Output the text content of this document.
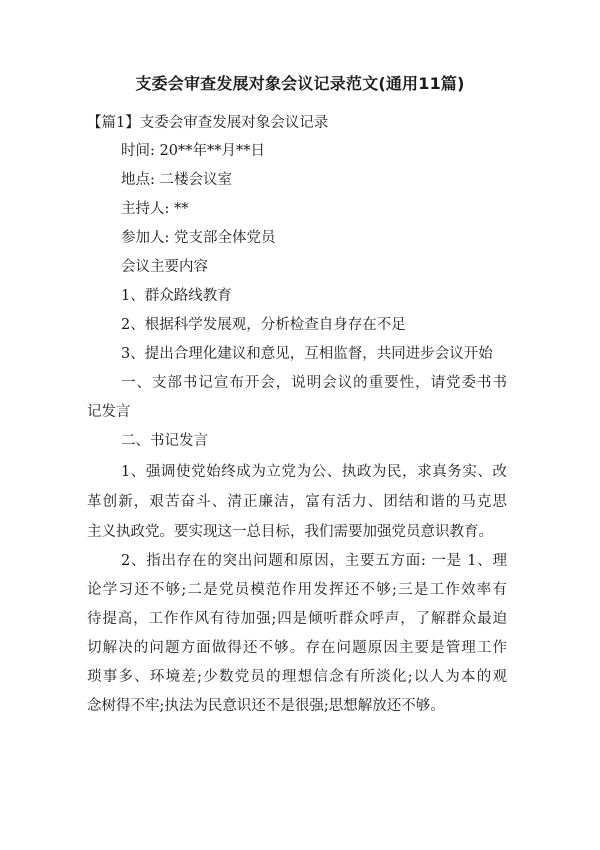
支委会审查发展对象会议记录范文(通用11篇)
【篇1】支委会审查发展对象会议记录
时间: 20**年**月**日
地点: 二楼会议室
主持人: **
参加人: 党支部全体党员
会议主要内容
1、群众路线教育
2、根据科学发展观，分析检查自身存在不足
3、提出合理化建议和意见，互相监督，共同进步会议开始
一、支部书记宣布开会，说明会议的重要性，请党委书书
记发言
二、书记发言
1、强调使党始终成为立党为公、执政为民，求真务实、改
革创新，艰苦奋斗、清正廉洁，富有活力、团结和谐的马克思
主义执政党。要实现这一总目标，我们需要加强党员意识教育。
2、指出存在的突出问题和原因，主要五方面: 一是 1、理
论学习还不够;二是党员模范作用发挥还不够;三是工作效率有
待提高，工作作风有待加强;四是倾听群众呼声，了解群众最迫
切解决的问题方面做得还不够。存在问题原因主要是管理工作
琐事多、环境差;少数党员的理想信念有所淡化;以人为本的观
念树得不牢;执法为民意识还不是很强;思想解放还不够。
